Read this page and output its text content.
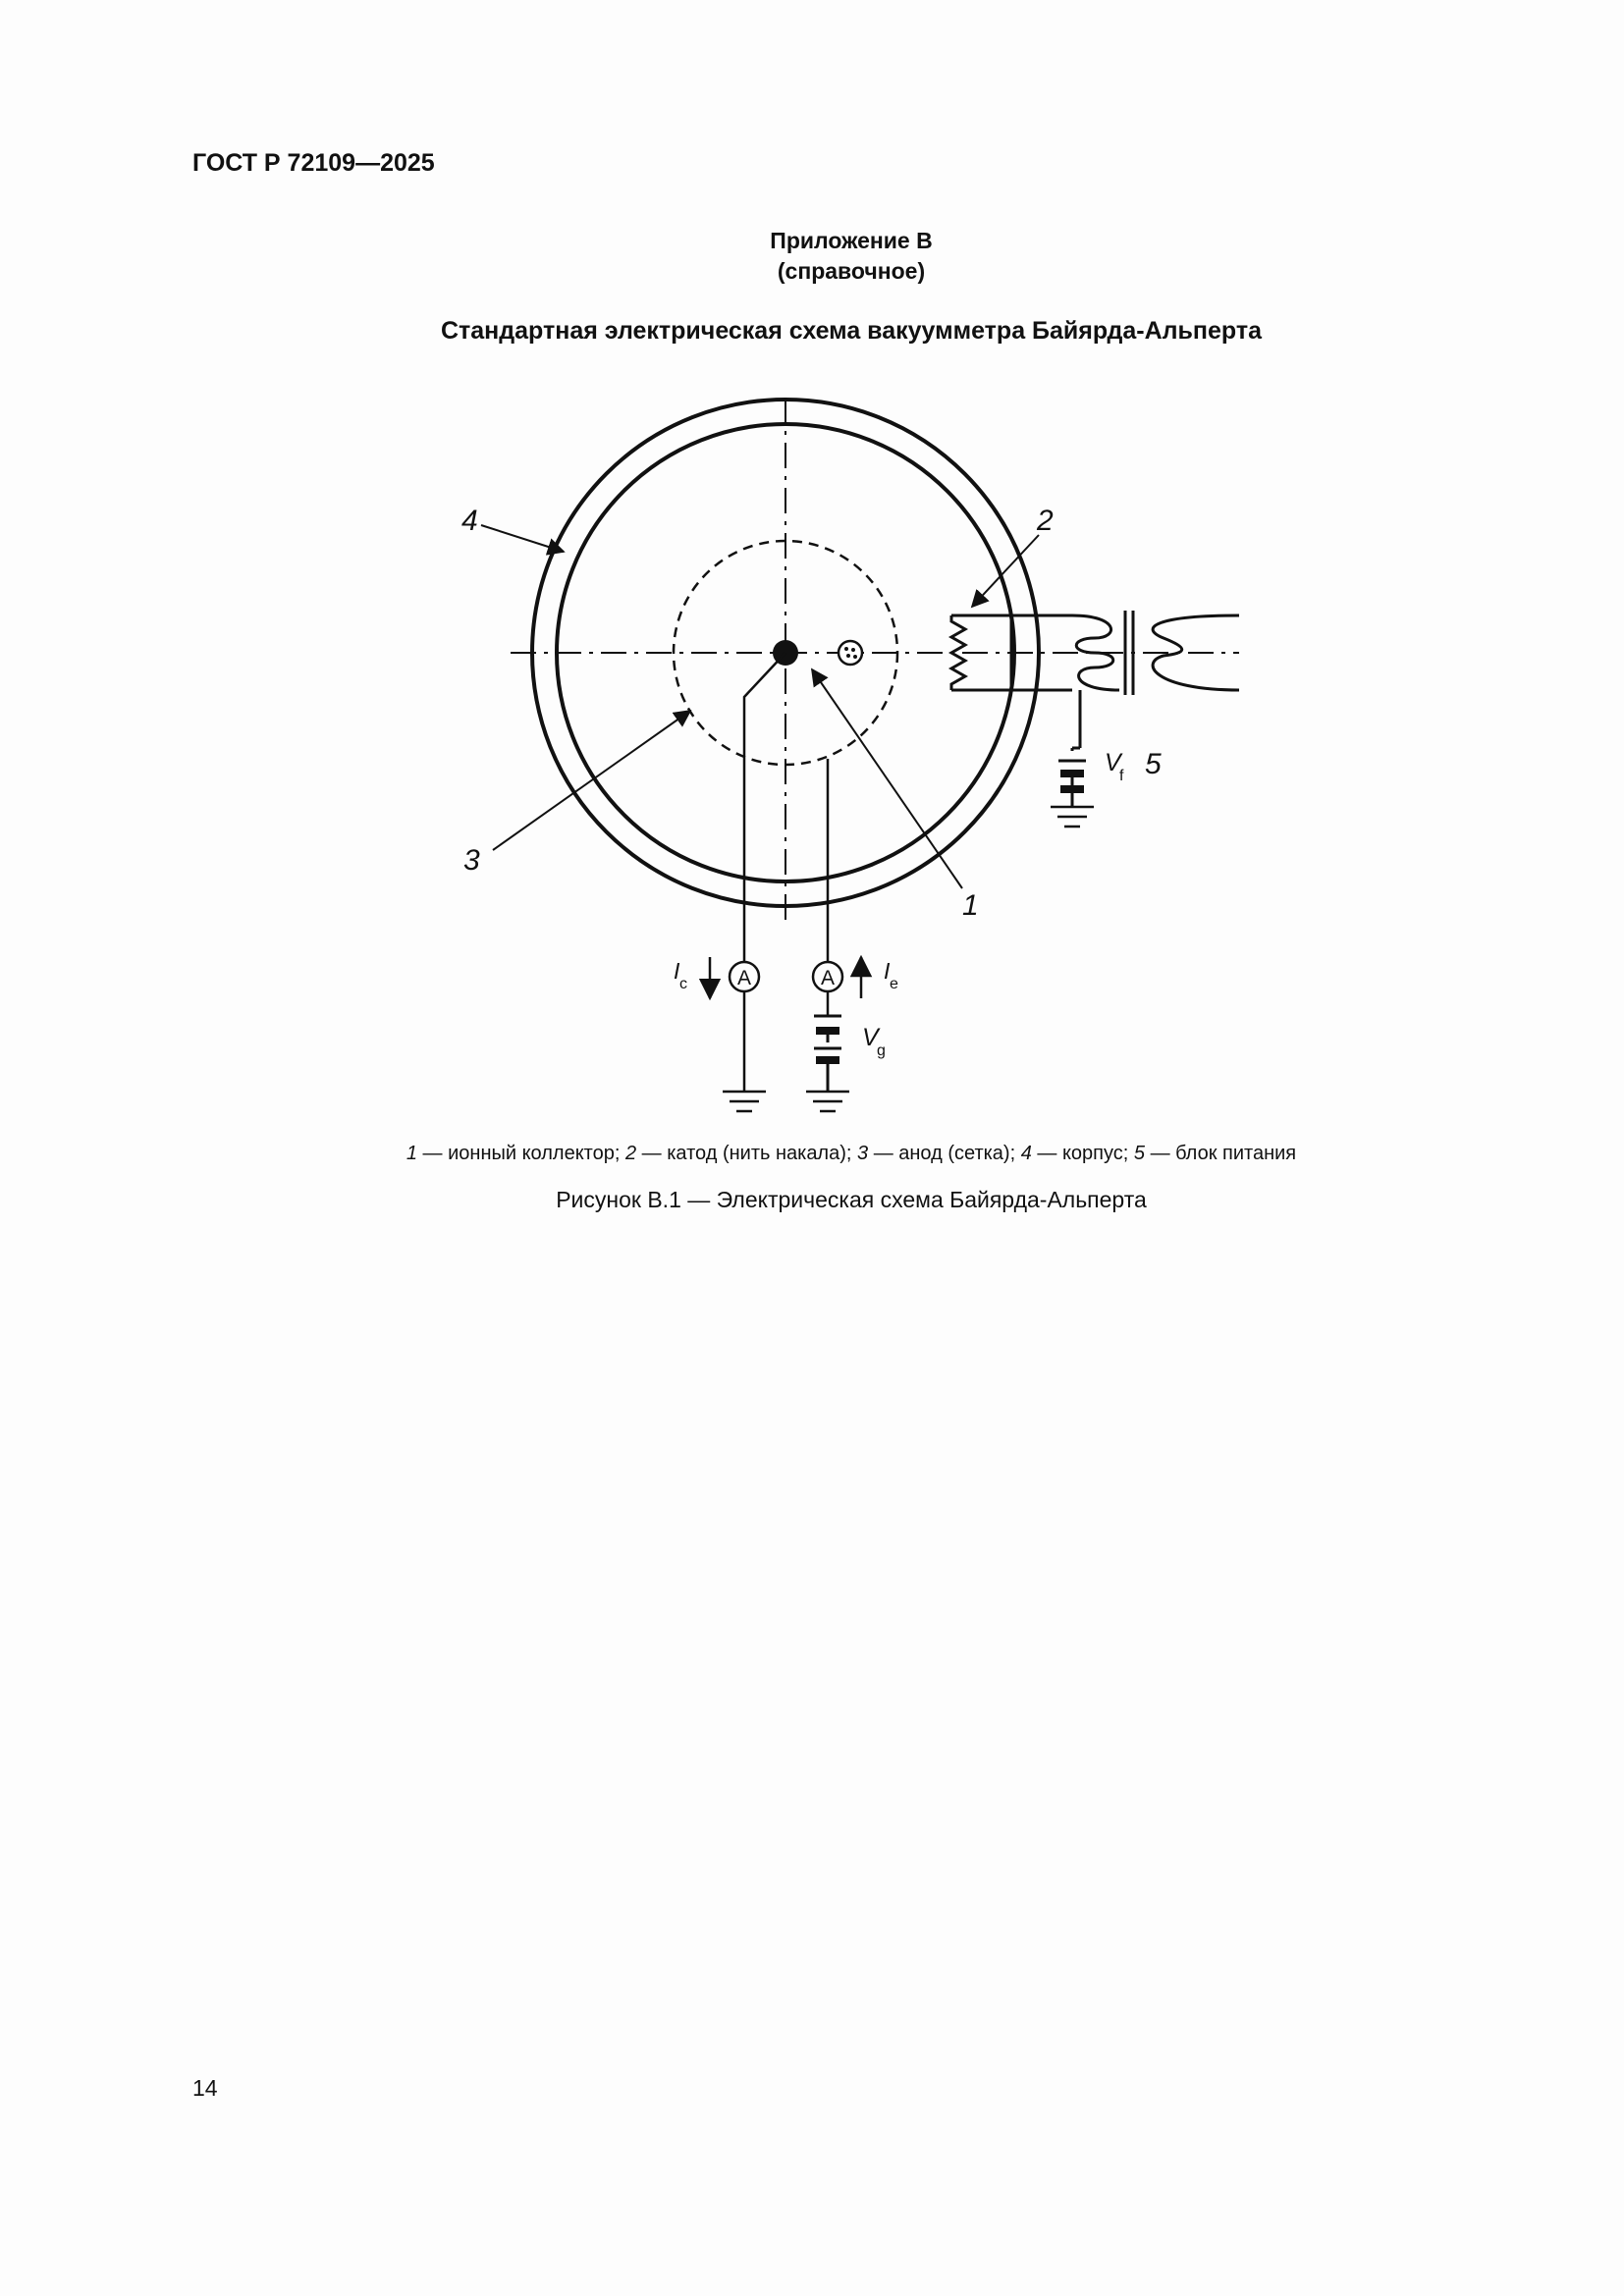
ГОСТ Р 72109—2025
Приложение В
(справочное)
Стандартная электрическая схема вакуумметра Байярда-Альперта
A
I
c	A I
e
V
f
V
g
4	2
5
3
1
1 — ионный коллектор; 2 — катод (нить накала); 3 — анод (сетка); 4 — корпус; 5 — блок питания
Рисунок В.1 — Электрическая схема Байярда-Альперта
14
